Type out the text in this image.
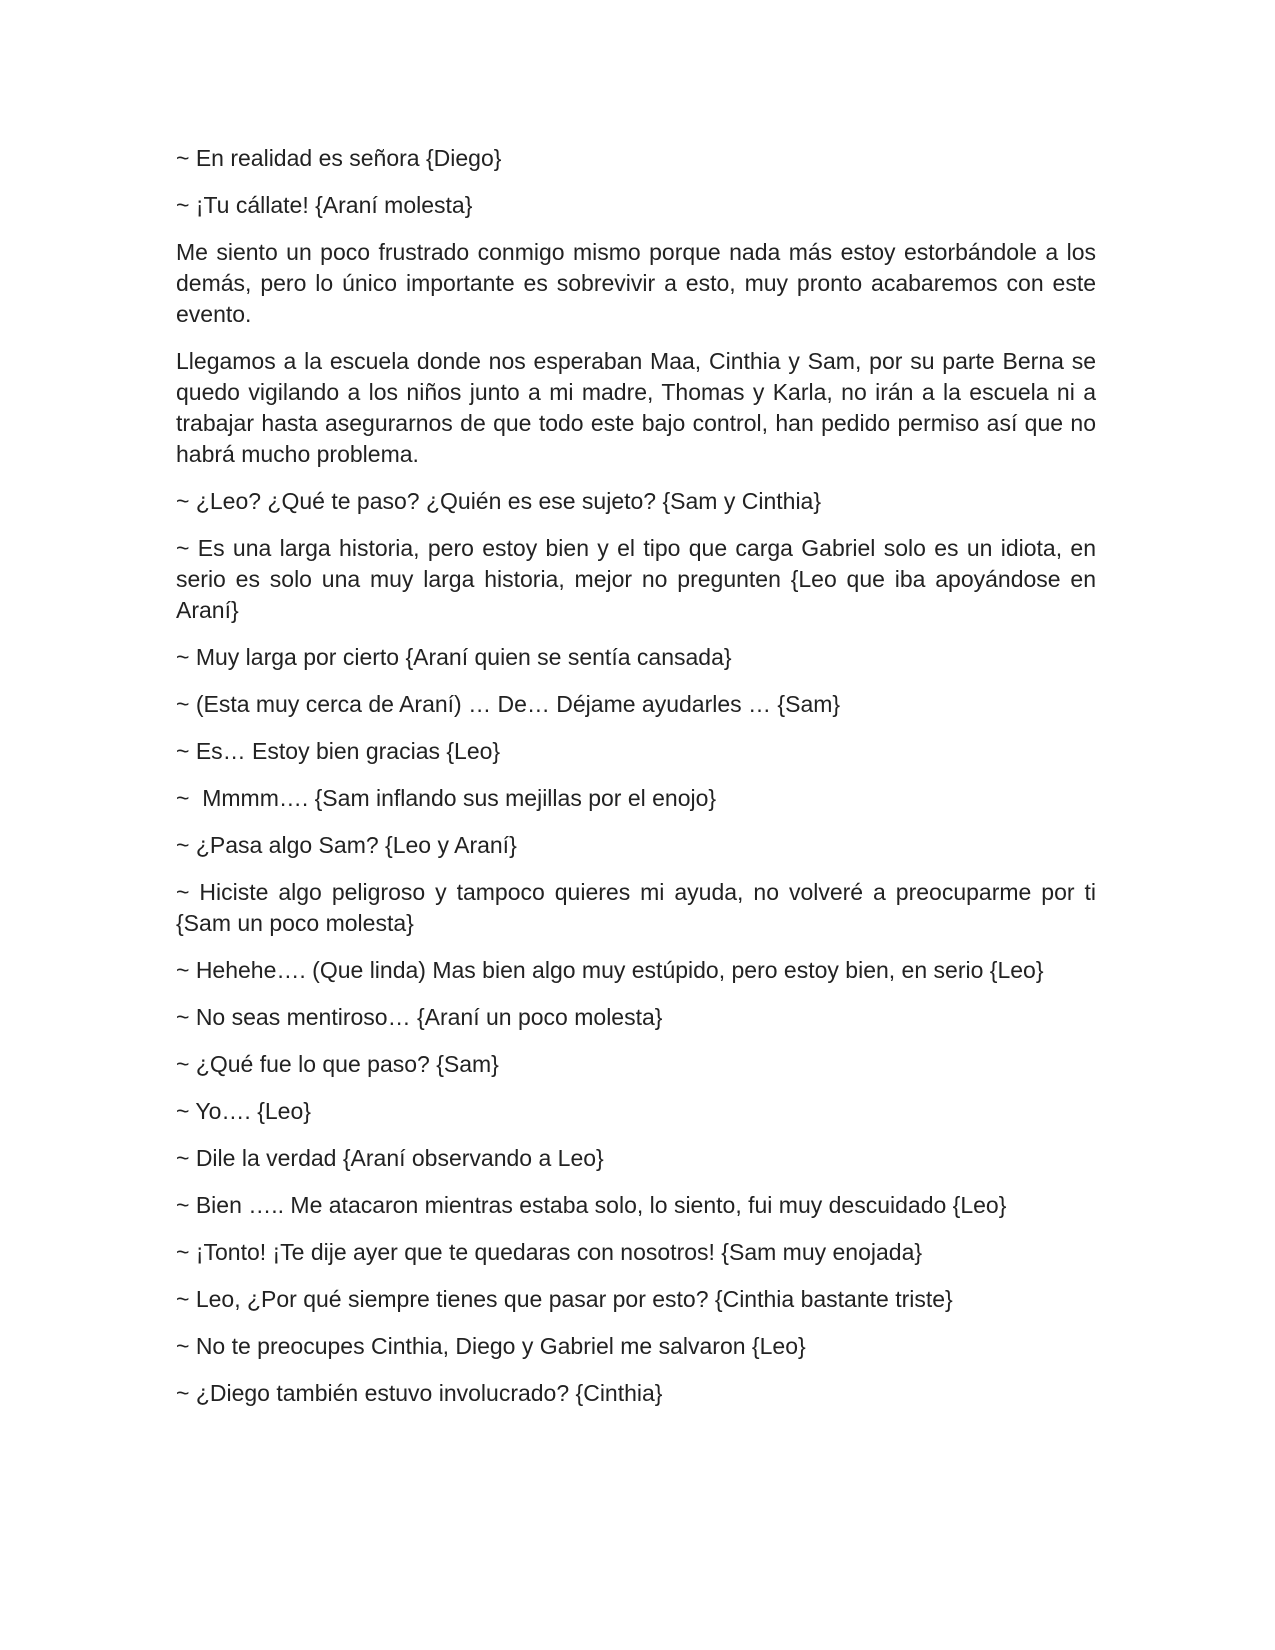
~ En realidad es señora {Diego}

~ ¡Tu cállate! {Araní molesta}

Me siento un poco frustrado conmigo mismo porque nada más estoy estorbándole a los demás, pero lo único importante es sobrevivir a esto, muy pronto acabaremos con este evento.

Llegamos a la escuela donde nos esperaban Maa, Cinthia y Sam, por su parte Berna se quedo vigilando a los niños junto a mi madre, Thomas y Karla, no irán a la escuela ni a trabajar hasta asegurarnos de que todo este bajo control, han pedido permiso así que no habrá mucho problema.

~ ¿Leo? ¿Qué te paso? ¿Quién es ese sujeto? {Sam y Cinthia}

~ Es una larga historia, pero estoy bien y el tipo que carga Gabriel solo es un idiota, en serio es solo una muy larga historia, mejor no pregunten {Leo que iba apoyándose en Araní}

~ Muy larga por cierto {Araní quien se sentía cansada}

~ (Esta muy cerca de Araní) … De… Déjame ayudarles … {Sam}

~ Es… Estoy bien gracias {Leo}

~  Mmmm…. {Sam inflando sus mejillas por el enojo}

~ ¿Pasa algo Sam? {Leo y Araní}

~ Hiciste algo peligroso y tampoco quieres mi ayuda, no volveré a preocuparme por ti {Sam un poco molesta}

~ Hehehe…. (Que linda) Mas bien algo muy estúpido, pero estoy bien, en serio {Leo}

~ No seas mentiroso… {Araní un poco molesta}

~ ¿Qué fue lo que paso? {Sam}

~ Yo…. {Leo}

~ Dile la verdad {Araní observando a Leo}

~ Bien ….. Me atacaron mientras estaba solo, lo siento, fui muy descuidado {Leo}

~ ¡Tonto! ¡Te dije ayer que te quedaras con nosotros! {Sam muy enojada}

~ Leo, ¿Por qué siempre tienes que pasar por esto? {Cinthia bastante triste}

~ No te preocupes Cinthia, Diego y Gabriel me salvaron {Leo}

~ ¿Diego también estuvo involucrado? {Cinthia}
